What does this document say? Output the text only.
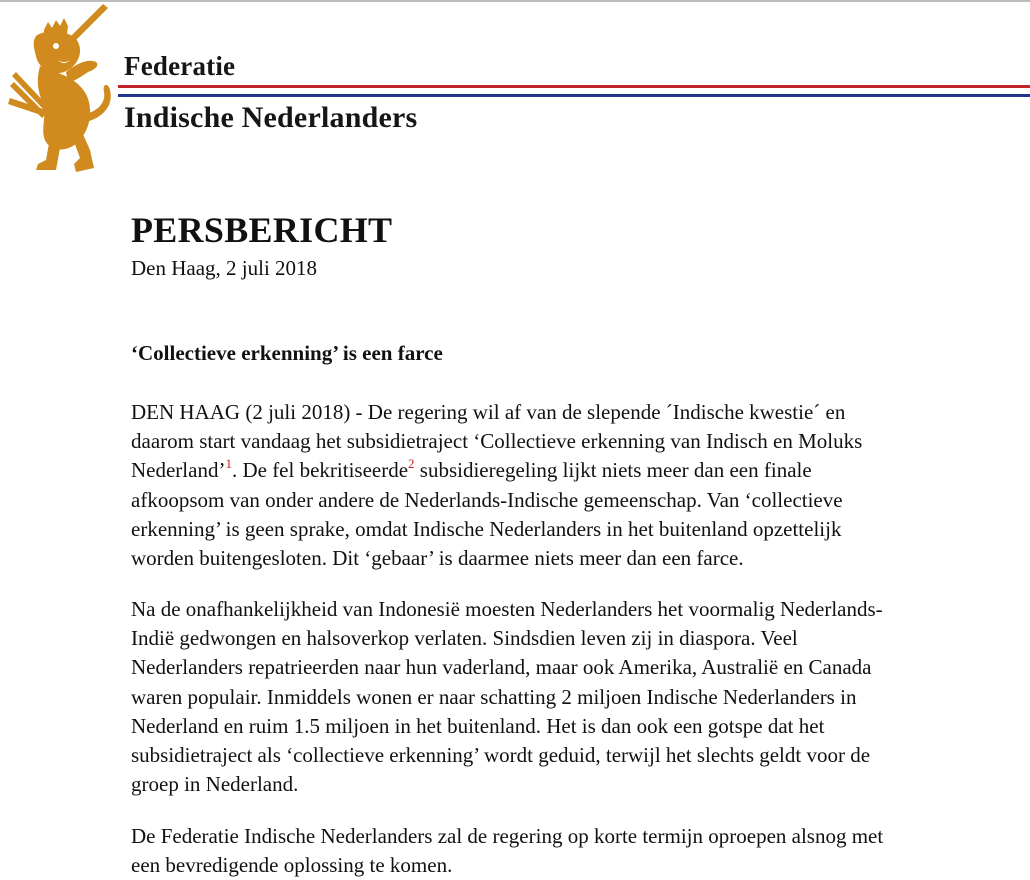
Federatie
Indische Nederlanders
PERSBERICHT
Den Haag, 2 juli 2018
‘Collectieve erkenning’ is een farce

DEN HAAG (2 juli 2018) - De regering wil af van de slepende ´Indische kwestie´ en
daarom start vandaag het subsidietraject ‘Collectieve erkenning van Indisch en Moluks
Nederland’$^1$. De fel bekritiseerde$^2$ subsidieregeling lijkt niets meer dan een finale
afkoopsom van onder andere de Nederlands-Indische gemeenschap. Van ‘collectieve
erkenning’ is geen sprake, omdat Indische Nederlanders in het buitenland opzettelijk
worden buitengesloten. Dit ‘gebaar’ is daarmee niets meer dan een farce.

Na de onafhankelijkheid van Indonesië moesten Nederlanders het voormalig Nederlands-
Indië gedwongen en halsoverkop verlaten. Sindsdien leven zij in diaspora. Veel
Nederlanders repatrieerden naar hun vaderland, maar ook Amerika, Australië en Canada
waren populair. Inmiddels wonen er naar schatting 2 miljoen Indische Nederlanders in
Nederland en ruim 1.5 miljoen in het buitenland. Het is dan ook een gotspe dat het
subsidietraject als ‘collectieve erkenning’ wordt geduid, terwijl het slechts geldt voor de
groep in Nederland.

De Federatie Indische Nederlanders zal de regering op korte termijn oproepen alsnog met
een bevredigende oplossing te komen.
